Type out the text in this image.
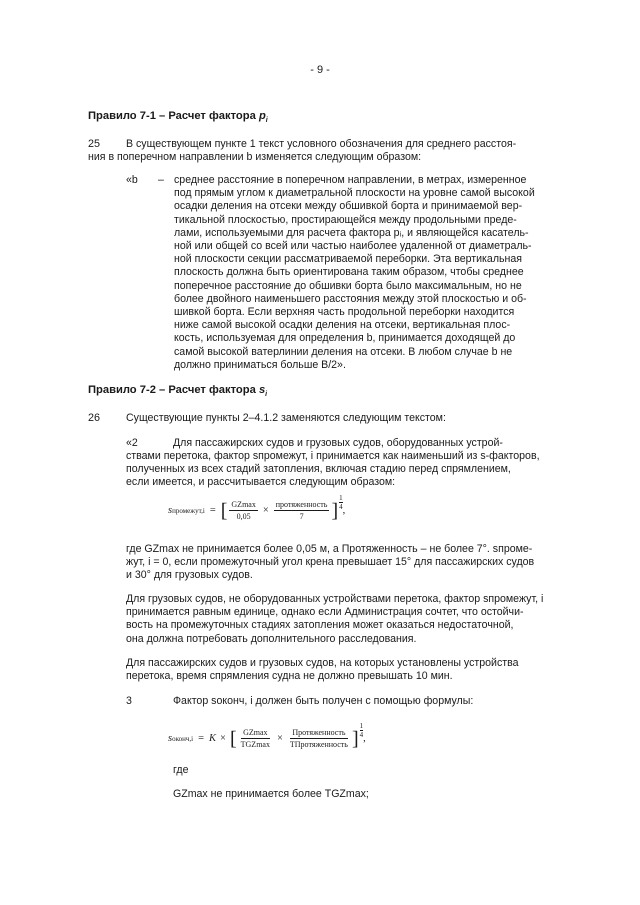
- 9 -
Правило 7-1 – Расчет фактора $p_i$
25 В существующем пункте 1 текст условного обозначения для среднего расстоя-
ния в поперечном направлении b изменяется следующим образом:
«b – среднее расстояние в поперечном направлении, в метрах, измеренное
под прямым углом к диаметральной плоскости на уровне самой высокой
осадки деления на отсеки между обшивкой борта и принимаемой вер-
тикальной плоскостью, простирающейся между продольными преде-
лами, используемыми для расчета фактора pᵢ, и являющейся касатель-
ной или общей со всей или частью наиболее удаленной от диаметраль-
ной плоскости секции рассматриваемой переборки. Эта вертикальная
плоскость должна быть ориентирована таким образом, чтобы среднее
поперечное расстояние до обшивки борта было максимальным, но не
более двойного наименьшего расстояния между этой плоскостью и об-
шивкой борта. Если верхняя часть продольной переборки находится
ниже самой высокой осадки деления на отсеки, вертикальная плос-
кость, используемая для определения b, принимается доходящей до
самой высокой ватерлинии деления на отсеки. В любом случае b не
должно приниматься больше B/2».
Правило 7-2 – Расчет фактора $s_i$
26 Существующие пункты 2–4.1.2 заменяются следующим текстом:
«2	Для пассажирских судов и грузовых судов, оборудованных устрой-
ствами перетока, фактор sпромежут, i принимается как наименьший из s-факторов,
полученных из всех стадий затопления, включая стадию перед спрямлением,
если имеется, и рассчитывается следующим образом:
s промежут,i = [ $\frac{GZmax}{0,05} \times \frac{\text{протяженность}}{7}$ ]
1
4 ,
где GZmax не принимается более 0,05 м, а Протяженность – не более 7°. sпроме-
жут, i = 0, если промежуточный угол крена превышает 15° для пассажирских судов
и 30° для грузовых судов.
Для грузовых судов, не оборудованных устройствами перетока, фактор sпромежут, i
принимается равным единице, однако если Администрация сочтет, что остойчи-
вость на промежуточных стадиях затопления может оказаться недостаточной,
она должна потребовать дополнительного расследования.
Для пассажирских судов и грузовых судов, на которых установлены устройства
перетока, время спрямления судна не должно превышать 10 мин.
3	Фактор sоконч, i должен быть получен с помощью формулы:
s оконч,i = K × [ $\frac{GZmax}{\text{TGZmax}} \times \frac{\text{Протяженность}}{\text{TПротяженность}}$ ]
1
4 ,
где
GZmax не принимается более TGZmax;
